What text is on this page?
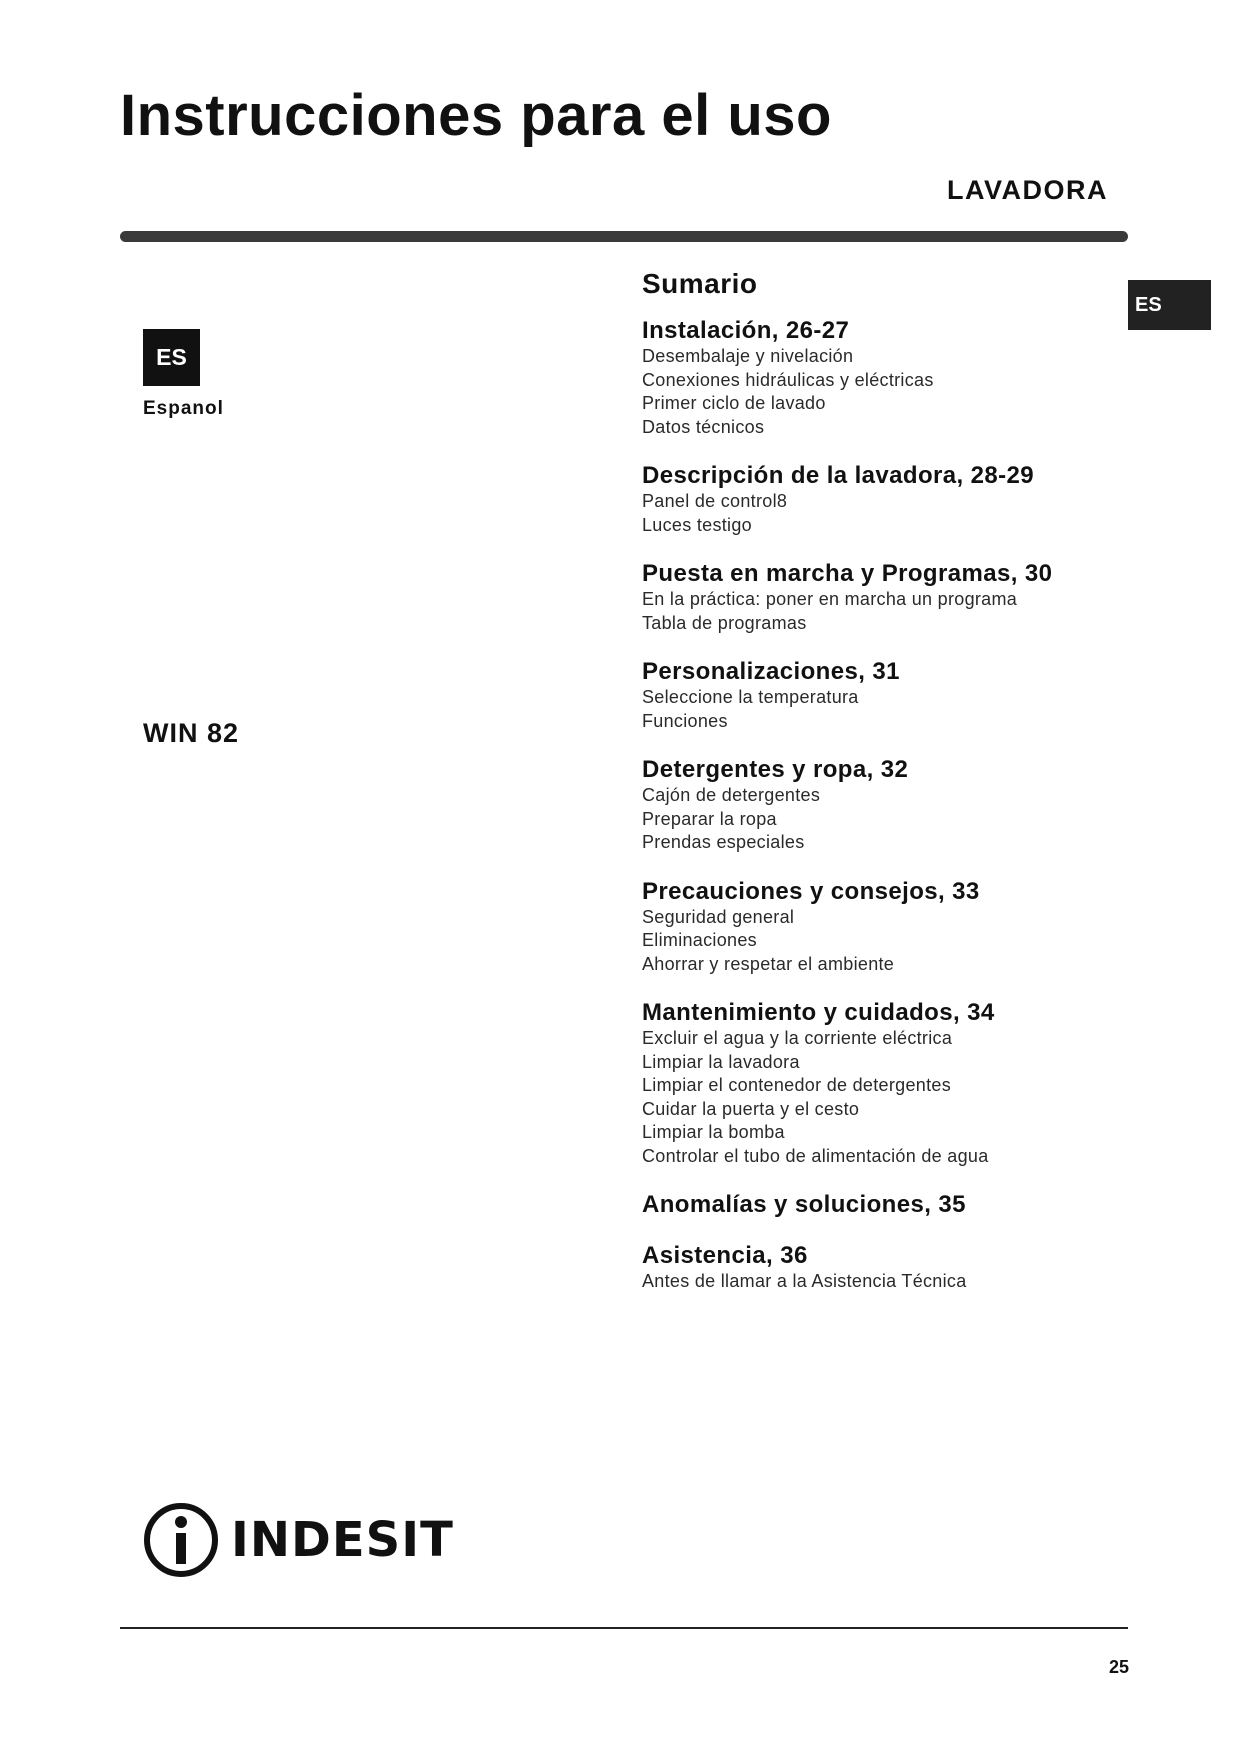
Instrucciones para el uso
LAVADORA
ES
Espanol
WIN 82
ES
Sumario
Instalación, 26-27
Desembalaje y nivelación
Conexiones hidráulicas y eléctricas
Primer ciclo de lavado
Datos técnicos
Descripción de la lavadora, 28-29
Panel de control8
Luces testigo
Puesta en marcha y Programas, 30
En la práctica: poner en marcha un programa
Tabla de programas
Personalizaciones, 31
Seleccione la temperatura
Funciones
Detergentes y ropa, 32
Cajón de detergentes
Preparar la ropa
Prendas especiales
Precauciones y consejos, 33
Seguridad general
Eliminaciones
Ahorrar y respetar el ambiente
Mantenimiento y cuidados, 34
Excluir el agua y la corriente eléctrica
Limpiar la lavadora
Limpiar el contenedor de detergentes
Cuidar la puerta y el cesto
Limpiar la bomba
Controlar el tubo de alimentación de agua
Anomalías y soluciones, 35
Asistencia, 36
Antes de llamar a la Asistencia Técnica
INDESIT
25
